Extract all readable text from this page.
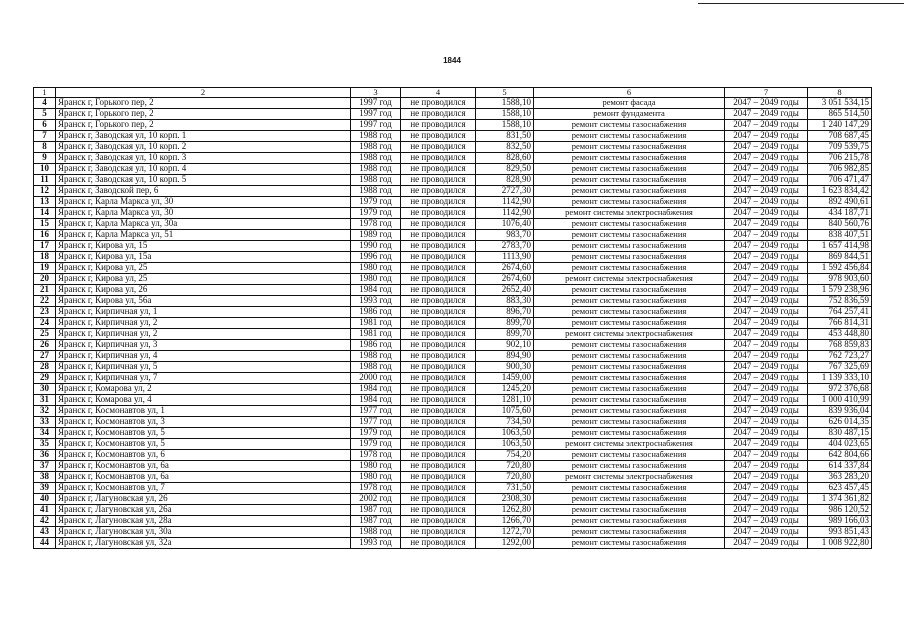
1844
1	2	3	4	5	6	7	8
4	Яранск г, Горького пер, 2	1997 год	не проводился	1588,10	ремонт фасада	2047 – 2049 годы	3 051 534,15
5	Яранск г, Горького пер, 2	1997 год	не проводился	1588,10	ремонт фундамента	2047 – 2049 годы	865 514,50
6	Яранск г, Горького пер, 2	1997 год	не проводился	1588,10	ремонт системы газоснабжения	2047 – 2049 годы	1 240 147,29
7	Яранск г, Заводская ул, 10 корп. 1	1988 год	не проводился	831,50	ремонт системы газоснабжения	2047 – 2049 годы	708 687,45
8	Яранск г, Заводская ул, 10 корп. 2	1988 год	не проводился	832,50	ремонт системы газоснабжения	2047 – 2049 годы	709 539,75
9	Яранск г, Заводская ул, 10 корп. 3	1988 год	не проводился	828,60	ремонт системы газоснабжения	2047 – 2049 годы	706 215,78
10	Яранск г, Заводская ул, 10 корп. 4	1988 год	не проводился	829,50	ремонт системы газоснабжения	2047 – 2049 годы	706 982,85
11	Яранск г, Заводская ул, 10 корп. 5	1988 год	не проводился	828,90	ремонт системы газоснабжения	2047 – 2049 годы	706 471,47
12	Яранск г, Заводской пер, 6	1988 год	не проводился	2727,30	ремонт системы газоснабжения	2047 – 2049 годы	1 623 834,42
13	Яранск г, Карла Маркса ул, 30	1979 год	не проводился	1142,90	ремонт системы газоснабжения	2047 – 2049 годы	892 490,61
14	Яранск г, Карла Маркса ул, 30	1979 год	не проводился	1142,90	ремонт системы электроснабжения	2047 – 2049 годы	434 187,71
15	Яранск г, Карла Маркса ул, 30а	1978 год	не проводился	1076,40	ремонт системы газоснабжения	2047 – 2049 годы	840 560,76
16	Яранск г, Карла Маркса ул, 51	1989 год	не проводился	983,70	ремонт системы газоснабжения	2047 – 2049 годы	838 407,51
17	Яранск г, Кирова ул, 15	1990 год	не проводился	2783,70	ремонт системы газоснабжения	2047 – 2049 годы	1 657 414,98
18	Яранск г, Кирова ул, 15а	1996 год	не проводился	1113,90	ремонт системы газоснабжения	2047 – 2049 годы	869 844,51
19	Яранск г, Кирова ул, 25	1980 год	не проводился	2674,60	ремонт системы газоснабжения	2047 – 2049 годы	1 592 456,84
20	Яранск г, Кирова ул, 25	1980 год	не проводился	2674,60	ремонт системы электроснабжения	2047 – 2049 годы	978 903,60
21	Яранск г, Кирова ул, 26	1984 год	не проводился	2652,40	ремонт системы газоснабжения	2047 – 2049 годы	1 579 238,96
22	Яранск г, Кирова ул, 56а	1993 год	не проводился	883,30	ремонт системы газоснабжения	2047 – 2049 годы	752 836,59
23	Яранск г, Кирпичная ул, 1	1986 год	не проводился	896,70	ремонт системы газоснабжения	2047 – 2049 годы	764 257,41
24	Яранск г, Кирпичная ул, 2	1981 год	не проводился	899,70	ремонт системы газоснабжения	2047 – 2049 годы	766 814,31
25	Яранск г, Кирпичная ул, 2	1981 год	не проводился	899,70	ремонт системы электроснабжения	2047 – 2049 годы	453 448,80
26	Яранск г, Кирпичная ул, 3	1986 год	не проводился	902,10	ремонт системы газоснабжения	2047 – 2049 годы	768 859,83
27	Яранск г, Кирпичная ул, 4	1988 год	не проводился	894,90	ремонт системы газоснабжения	2047 – 2049 годы	762 723,27
28	Яранск г, Кирпичная ул, 5	1988 год	не проводился	900,30	ремонт системы газоснабжения	2047 – 2049 годы	767 325,69
29	Яранск г, Кирпичная ул, 7	2000 год	не проводился	1459,00	ремонт системы газоснабжения	2047 – 2049 годы	1 139 333,10
30	Яранск г, Комарова ул, 2	1984 год	не проводился	1245,20	ремонт системы газоснабжения	2047 – 2049 годы	972 376,68
31	Яранск г, Комарова ул, 4	1984 год	не проводился	1281,10	ремонт системы газоснабжения	2047 – 2049 годы	1 000 410,99
32	Яранск г, Космонавтов ул, 1	1977 год	не проводился	1075,60	ремонт системы газоснабжения	2047 – 2049 годы	839 936,04
33	Яранск г, Космонавтов ул, 3	1977 год	не проводился	734,50	ремонт системы газоснабжения	2047 – 2049 годы	626 014,35
34	Яранск г, Космонавтов ул, 5	1979 год	не проводился	1063,50	ремонт системы газоснабжения	2047 – 2049 годы	830 487,15
35	Яранск г, Космонавтов ул, 5	1979 год	не проводился	1063,50	ремонт системы электроснабжения	2047 – 2049 годы	404 023,65
36	Яранск г, Космонавтов ул, 6	1978 год	не проводился	754,20	ремонт системы газоснабжения	2047 – 2049 годы	642 804,66
37	Яранск г, Космонавтов ул, 6а	1980 год	не проводился	720,80	ремонт системы газоснабжения	2047 – 2049 годы	614 337,84
38	Яранск г, Космонавтов ул, 6а	1980 год	не проводился	720,80	ремонт системы электроснабжения	2047 – 2049 годы	363 283,20
39	Яранск г, Космонавтов ул, 7	1978 год	не проводился	731,50	ремонт системы газоснабжения	2047 – 2049 годы	623 457,45
40	Яранск г, Лагуновская ул, 26	2002 год	не проводился	2308,30	ремонт системы газоснабжения	2047 – 2049 годы	1 374 361,82
41	Яранск г, Лагуновская ул, 26а	1987 год	не проводился	1262,80	ремонт системы газоснабжения	2047 – 2049 годы	986 120,52
42	Яранск г, Лагуновская ул, 28а	1987 год	не проводился	1266,70	ремонт системы газоснабжения	2047 – 2049 годы	989 166,03
43	Яранск г, Лагуновская ул, 30а	1988 год	не проводился	1272,70	ремонт системы газоснабжения	2047 – 2049 годы	993 851,43
44	Яранск г, Лагуновская ул, 32а	1993 год	не проводился	1292,00	ремонт системы газоснабжения	2047 – 2049 годы	1 008 922,80
